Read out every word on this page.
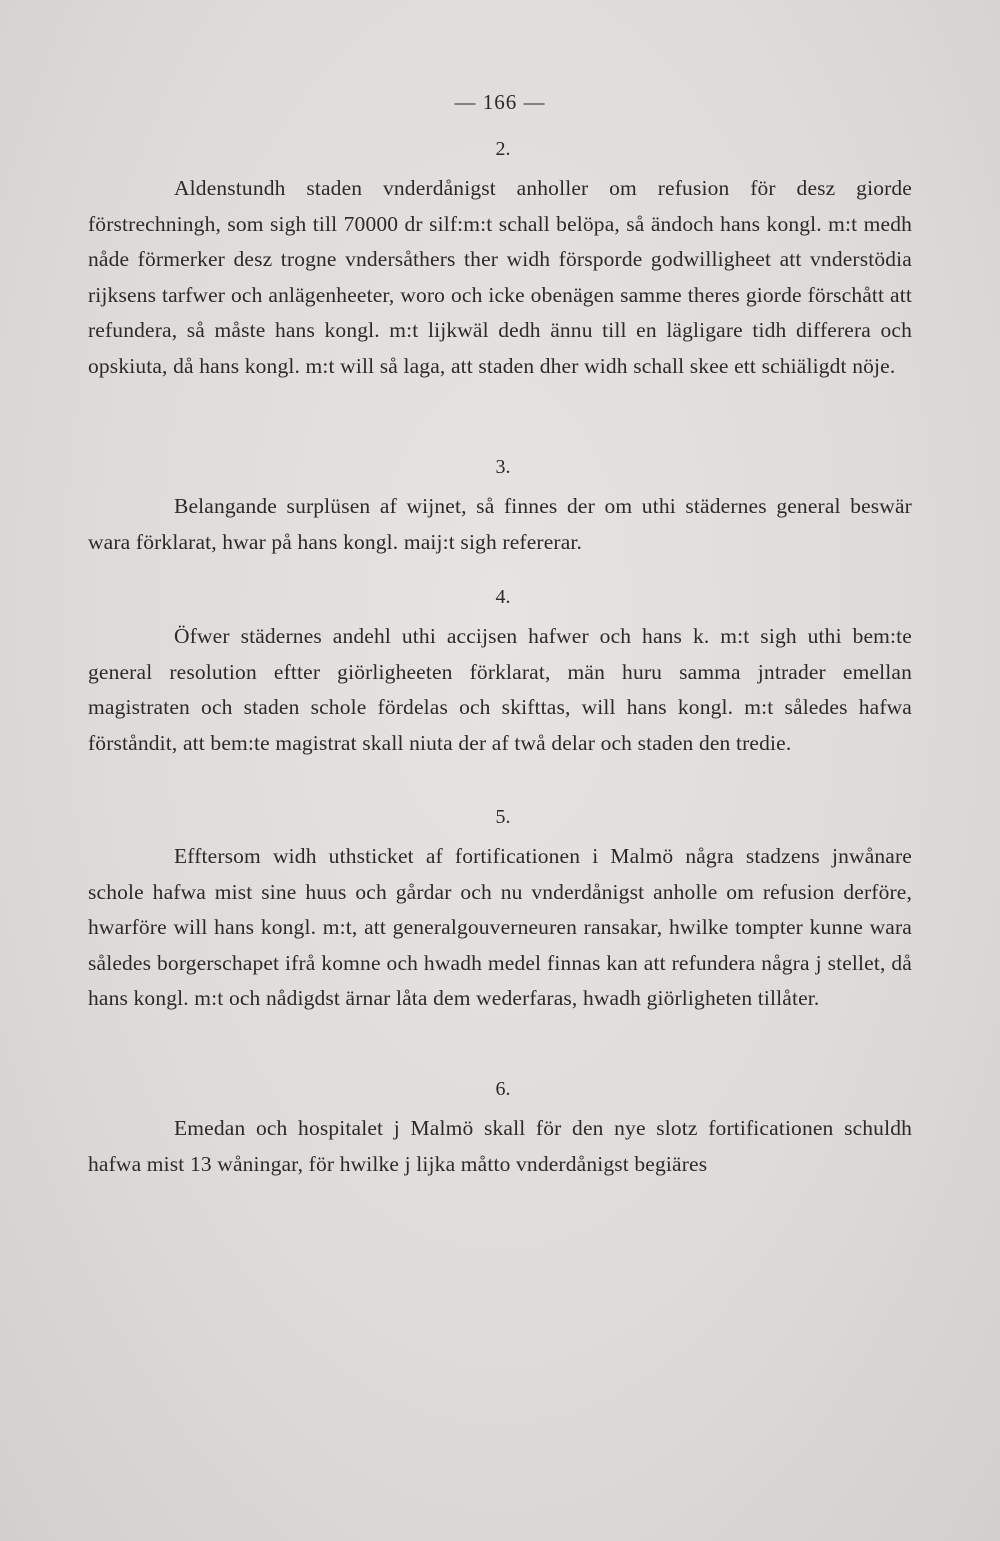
— 166 —
2.

Aldenstundh staden vnderdånigst anholler om refusion för desz giorde förstrechningh, som sigh till 70000 dr silf:m:t schall belöpa, så ändoch hans kongl. m:t medh nåde förmerker desz trogne vndersåthers ther widh försporde godwilligheet att vnderstödia rijksens tarfwer och anlägenheeter, woro och icke obenägen samme theres giorde förschått att refundera, så måste hans kongl. m:t lijkwäl dedh ännu till en lägligare tidh differera och opskiuta, då hans kongl. m:t will så laga, att staden dher widh schall skee ett schiäligdt nöje.

3.

Belangande surplüsen af wijnet, så finnes der om uthi städernes general beswär wara förklarat, hwar på hans kongl. maij:t sigh refererar.

4.

Öfwer städernes andehl uthi accijsen hafwer och hans k. m:t sigh uthi bem:te general resolution eftter giörligheeten förklarat, män huru samma jntrader emellan magistraten och staden schole fördelas och skifttas, will hans kongl. m:t således hafwa förståndit, att bem:te magistrat skall niuta der af twå delar och staden den tredie.

5.

Efftersom widh uthsticket af fortificationen i Malmö några stadzens jnwånare schole hafwa mist sine huus och gårdar och nu vnderdånigst anholle om refusion derföre, hwarföre will hans kongl. m:t, att generalgouverneuren ransakar, hwilke tompter kunne wara således borgerschapet ifrå komne och hwadh medel finnas kan att refundera några j stellet, då hans kongl. m:t och nådigdst ärnar låta dem wederfaras, hwadh giörligheten tillåter.

6.

Emedan och hospitalet j Malmö skall för den nye slotz fortificationen schuldh hafwa mist 13 wåningar, för hwilke j lijka måtto vnderdånigst begiäres
